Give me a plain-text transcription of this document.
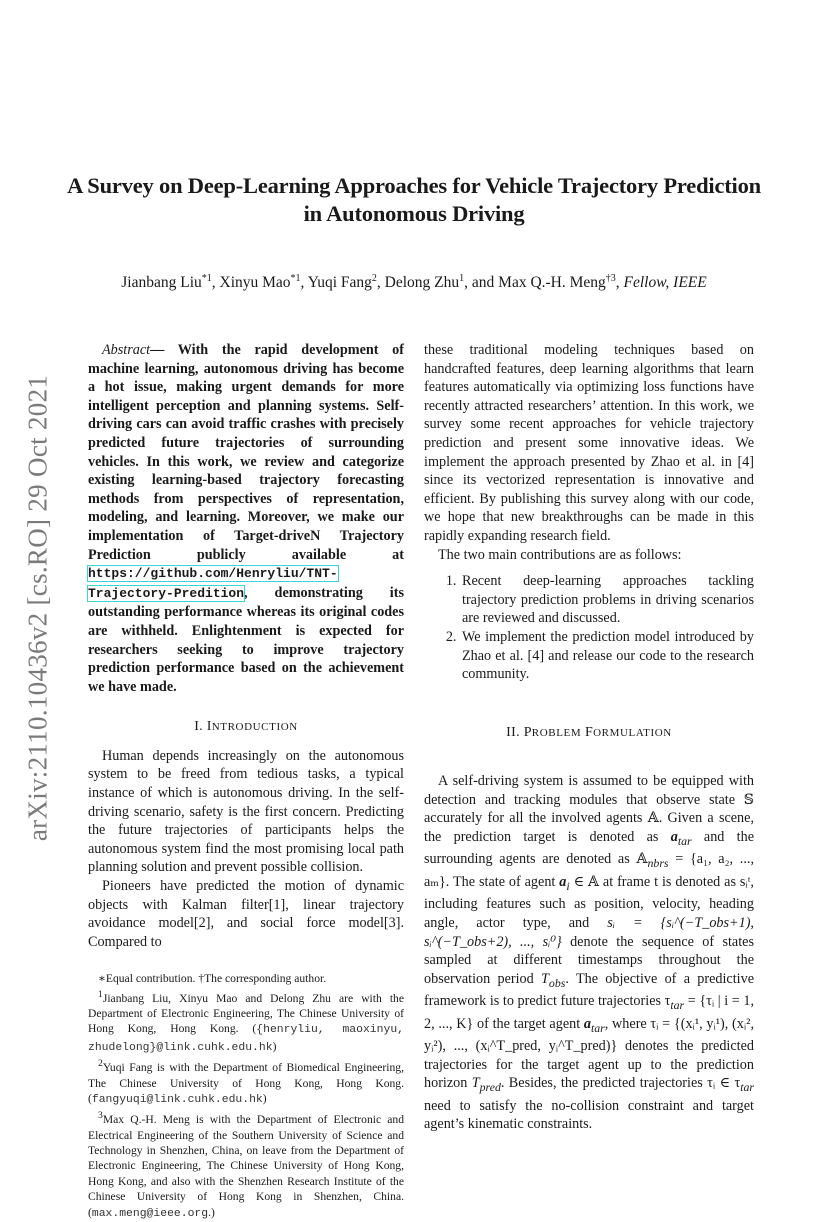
arXiv:2110.10436v2 [cs.RO] 29 Oct 2021
A Survey on Deep-Learning Approaches for Vehicle Trajectory Prediction in Autonomous Driving
Jianbang Liu$^{*1}$, Xinyu Mao$^{*1}$, Yuqi Fang$^2$, Delong Zhu$^1$, and Max Q.-H. Meng$^{\dagger 3}$, Fellow, IEEE

Abstract— With the rapid development of machine learning, autonomous driving has become a hot issue, making urgent demands for more intelligent perception and planning systems. Self-driving cars can avoid traffic crashes with precisely predicted future trajectories of surrounding vehicles. In this work, we review and categorize existing learning-based trajectory forecasting methods from perspectives of representation, modeling, and learning. Moreover, we make our implementation of Target-driveN Trajectory Prediction publicly available at https://github.com/Henryliu/TNT-Trajectory-Predition, demonstrating its outstanding performance whereas its original codes are withheld. Enlightenment is expected for researchers seeking to improve trajectory prediction performance based on the achievement we have made.

I. INTRODUCTION

Human depends increasingly on the autonomous system to be freed from tedious tasks, a typical instance of which is autonomous driving. In the self-driving scenario, safety is the first concern. Predicting the future trajectories of participants helps the autonomous system find the most promising local path planning solution and prevent possible collision.

Pioneers have predicted the motion of dynamic objects with Kalman filter[1], linear trajectory avoidance model[2], and social force model[3]. Compared to

∗Equal contribution. †The corresponding author.

$^1$Jianbang Liu, Xinyu Mao and Delong Zhu are with the Department of Electronic Engineering, The Chinese University of Hong Kong, Hong Kong. ({henryliu, maoxinyu, zhudelong}@link.cuhk.edu.hk)

$^2$Yuqi Fang is with the Department of Biomedical Engineering, The Chinese University of Hong Kong, Hong Kong. (fangyuqi@link.cuhk.edu.hk)

$^3$Max Q.-H. Meng is with the Department of Electronic and Electrical Engineering of the Southern University of Science and Technology in Shenzhen, China, on leave from the Department of Electronic Engineering, The Chinese University of Hong Kong, Hong Kong, and also with the Shenzhen Research Institute of the Chinese University of Hong Kong in Shenzhen, China. (max.meng@ieee.org.)

these traditional modeling techniques based on handcrafted features, deep learning algorithms that learn features automatically via optimizing loss functions have recently attracted researchers’ attention. In this work, we survey some recent approaches for vehicle trajectory prediction and present some innovative ideas. We implement the approach presented by Zhao et al. in [4] since its vectorized representation is innovative and efficient. By publishing this survey along with our code, we hope that new breakthroughs can be made in this rapidly expanding research field.

The two main contributions are as follows:

1. Recent deep-learning approaches tackling trajectory prediction problems in driving scenarios are reviewed and discussed.
2. We implement the prediction model introduced by Zhao et al. [4] and release our code to the research community.
II. PROBLEM FORMULATION

A self-driving system is assumed to be equipped with detection and tracking modules that observe state 𝕊 accurately for all the involved agents 𝔸. Given a scene, the prediction target is denoted as $a_{tar}$ and the surrounding agents are denoted as 𝔸$_{nbrs}$ = {a₁, a₂, ..., aₘ}. The state of agent $a_i$ ∈ 𝔸 at frame t is denoted as sᵢᵗ, including features such as position, velocity, heading angle, actor type, and sᵢ = {sᵢ^(−T_obs+1), sᵢ^(−T_obs+2), ..., sᵢ⁰} denote the sequence of states sampled at different timestamps throughout the observation period $T_{obs}$. The objective of a predictive framework is to predict future trajectories $\tau_{tar}$ = {τᵢ | i = 1, 2, ..., K} of the target agent $a_{tar}$, where τᵢ = {(xᵢ¹, yᵢ¹), (xᵢ², yᵢ²), ..., (xᵢ^T_pred, yᵢ^T_pred)} denotes the predicted trajectories for the target agent up to the prediction horizon $T_{pred}$. Besides, the predicted trajectories τᵢ ∈ $\tau_{tar}$ need to satisfy the no-collision constraint and target agent’s kinematic constraints.
